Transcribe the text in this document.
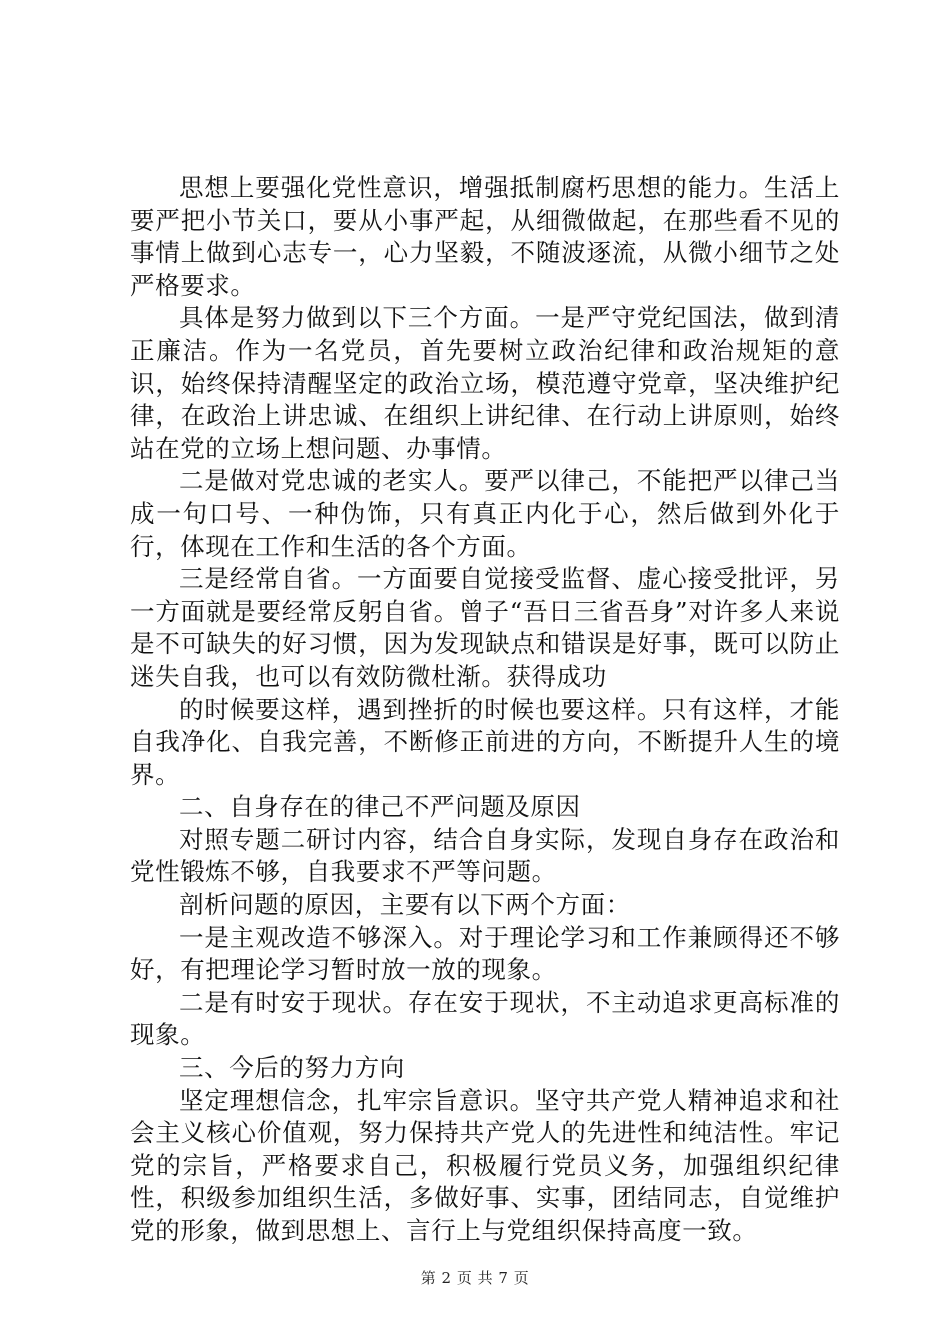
思想上要强化党性意识，增强抵制腐朽思想的能力。生活上要严把小节关口，要从小事严起，从细微做起，在那些看不见的事情上做到心志专一，心力坚毅，不随波逐流，从微小细节之处严格要求。

具体是努力做到以下三个方面。一是严守党纪国法，做到清正廉洁。作为一名党员，首先要树立政治纪律和政治规矩的意识，始终保持清醒坚定的政治立场，模范遵守党章，坚决维护纪律，在政治上讲忠诚、在组织上讲纪律、在行动上讲原则，始终站在党的立场上想问题、办事情。

二是做对党忠诚的老实人。要严以律己，不能把严以律己当成一句口号、一种伪饰，只有真正内化于心，然后做到外化于行，体现在工作和生活的各个方面。

三是经常自省。一方面要自觉接受监督、虚心接受批评，另一方面就是要经常反躬自省。曾子“吾日三省吾身”对许多人来说是不可缺失的好习惯，因为发现缺点和错误是好事，既可以防止迷失自我，也可以有效防微杜渐。获得成功

的时候要这样，遇到挫折的时候也要这样。只有这样，才能自我净化、自我完善，不断修正前进的方向，不断提升人生的境界。

二、自身存在的律己不严问题及原因

对照专题二研讨内容，结合自身实际，发现自身存在政治和党性锻炼不够，自我要求不严等问题。

剖析问题的原因，主要有以下两个方面：

一是主观改造不够深入。对于理论学习和工作兼顾得还不够好，有把理论学习暂时放一放的现象。

二是有时安于现状。存在安于现状，不主动追求更高标准的现象。

三、今后的努力方向

坚定理想信念，扎牢宗旨意识。坚守共产党人精神追求和社会主义核心价值观，努力保持共产党人的先进性和纯洁性。牢记党的宗旨，严格要求自己，积极履行党员义务，加强组织纪律性，积级参加组织生活，多做好事、实事，团结同志，自觉维护党的形象，做到思想上、言行上与党组织保持高度一致。

第 2 页 共 7 页
